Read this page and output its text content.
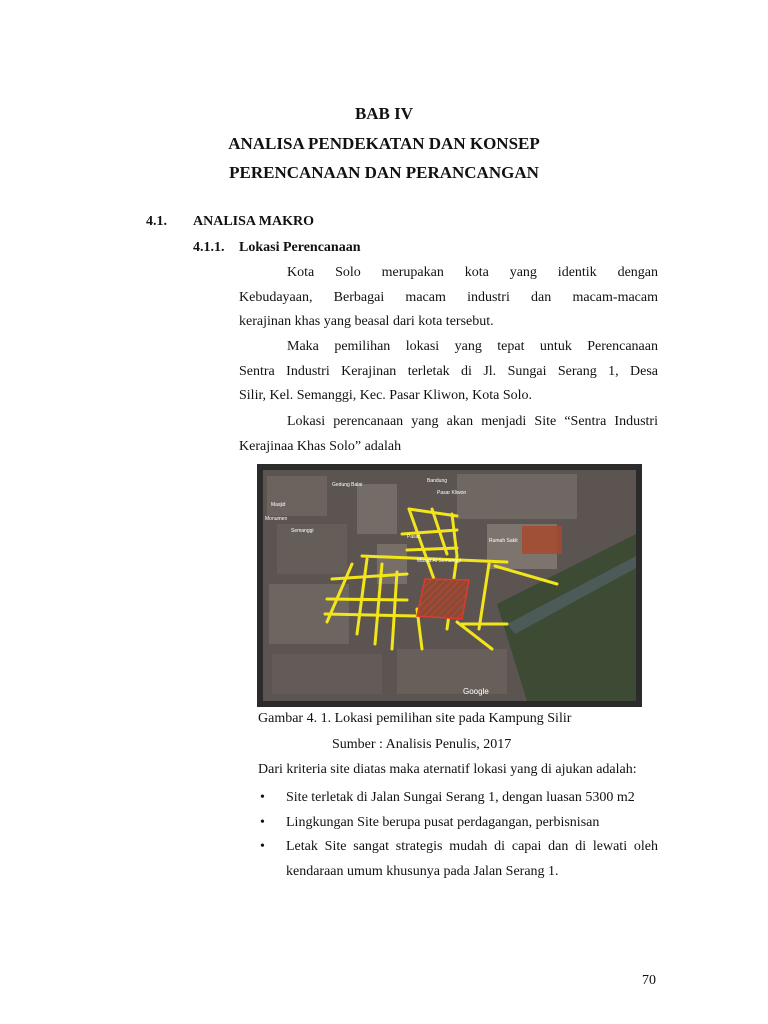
BAB IV
ANALISA PENDEKATAN DAN KONSEP
PERENCANAAN DAN PERANCANGAN
4.1. ANALISA MAKRO
4.1.1. Lokasi Perencanaan
Kota Solo merupakan kota yang identik dengan
Kebudayaan, Berbagai macam industri dan macam-macam
kerajinan khas yang beasal dari kota tersebut.
Maka pemilihan lokasi yang tepat untuk Perencanaan
Sentra Industri Kerajinan terletak di Jl. Sungai Serang 1, Desa
Silir, Kel. Semanggi, Kec. Pasar Kliwon, Kota Solo.
Lokasi perencanaan yang akan menjadi Site “Sentra Industri
Kerajinaa Khas Solo” adalah
Gedung Balai
Bandung
Pasar Kliwon
Masjid
Semanggi
Monumen
Pasar
Rumah Sakit
Masjid Al Semanggi
Google
Gambar 4. 1. Lokasi pemilihan site pada Kampung Silir
Sumber : Analisis Penulis, 2017
Dari kriteria site diatas maka aternatif lokasi yang di ajukan adalah:
• Site terletak di Jalan Sungai Serang 1, dengan luasan 5300 m2
• Lingkungan Site berupa pusat perdagangan, perbisnisan
• Letak Site sangat strategis mudah di capai dan di lewati oleh
kendaraan umum khusunya pada Jalan Serang 1.
70
